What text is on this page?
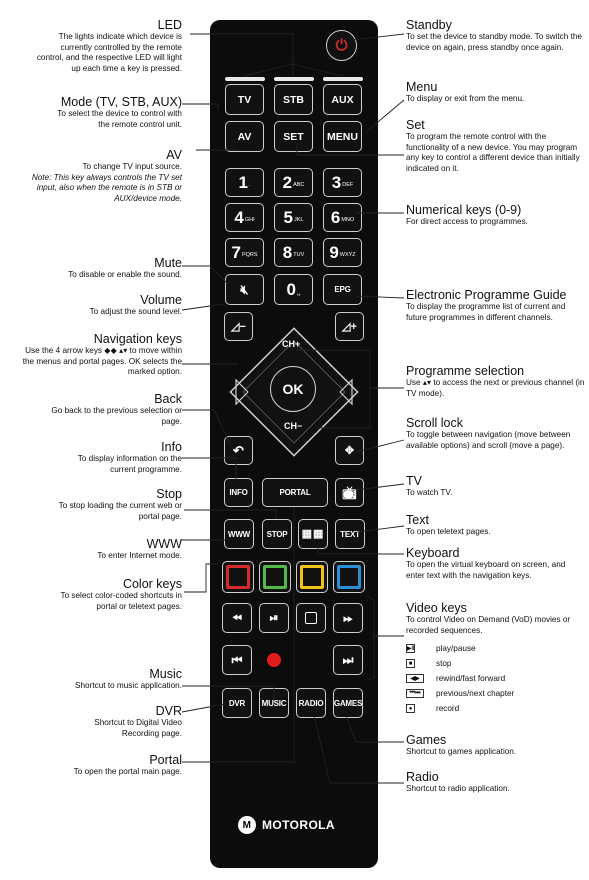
⏻
TV	STB	AUX
AV	SET	MENU
1 . 2 ABC 3 DEF
4 GHI 5 JKL 6 MNO
7 PQRS 8 TUV 9 WXYZ
🔇︎ 0 ␣	EPG
◿−	◿+
OK
CH+
CH−
↶	✥
INFO	PORTAL	📺︎
WWW	STOP	▦▦	TEXT
⏪︎	⏯︎	⏩︎
⏮︎	⏭︎
DVR	MUSIC	RADIO	GAMES
M MOTOROLA

LED

The lights indicate which device is currently controlled by the remote control, and the respective LED will light up each time a key is pressed.

Mode (TV, STB, AUX)

To select the device to control with the remote control unit.

AV

To change TV input source.

Note: This key always controls the TV set input, also when the remote is in STB or AUX/device mode.

Mute

To disable or enable the sound.

Volume

To adjust the sound level.

Navigation keys

Use the 4 arrow keys ◆◆ ▴▾ to move within the menus and portal pages. OK selects the marked option.

Back

Go back to the previous selection or page.

Info

To display information on the current programme.

Stop

To stop loading the current web or portal page.

WWW

To enter Internet mode.

Color keys

To select color-coded shortcuts in portal or teletext pages.

Music

Shortcut to music application.

DVR

Shortcut to Digital Video Recording page.

Portal

To open the portal main page.

Standby

To set the device to standby mode. To switch the device on again, press standby once again.

Menu

To display or exit from the menu.

Set

To program the remote control with the functionality of a new device. You may program any key to control a different device than initially indicated on it.

Numerical keys (0-9)

For direct access to programmes.

Electronic Programme Guide

To display the programme list of current and future programmes in different channels.

Programme selection

Use ▴▾ to access the next or previous channel (in TV mode).

Scroll lock

To toggle between navigation (move between available options) and scroll (move a page).

TV

To watch TV.

Text

To open teletext pages.

Keyboard

To open the virtual keyboard on screen, and enter text with the navigation keys.

Video keys

To control Video on Demand (VoD) movies or recorded sequences.

Games

Shortcut to games application.

Radio

Shortcut to radio application.

▶‖	play/pause
■	stop
◀▶	rewind/fast forward
⏮⏭	previous/next chapter
●	record
